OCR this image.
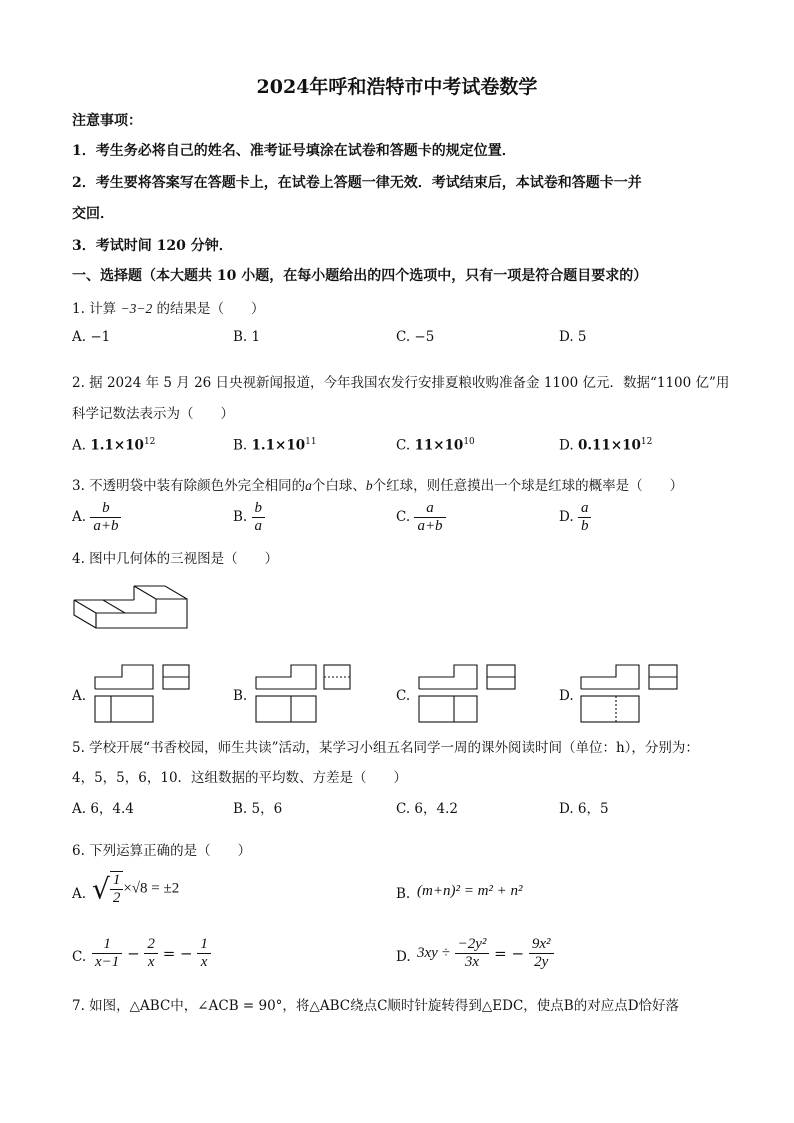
2024年呼和浩特市中考试卷数学
注意事项：
1．考生务必将自己的姓名、准考证号填涂在试卷和答题卡的规定位置．
2．考生要将答案写在答题卡上，在试卷上答题一律无效．考试结束后，本试卷和答题卡一并
交回．
3．考试时间 120 分钟．
一、选择题（本大题共 10 小题，在每小题给出的四个选项中，只有一项是符合题目要求的）
1. 计算 −3−2 的结果是（　　）
A. −1	B. 1	C. −5	D. 5
2. 据 2024 年 5 月 26 日央视新闻报道，今年我国农发行安排夏粮收购准备金 1100 亿元．数据“1100 亿”用
科学记数法表示为（　　）
A. $1.1\times 10^{12}$	B. $1.1\times 10^{11}$	C. $11\times 10^{10}$	D. $0.11\times 10^{12}$
3. 不透明袋中装有除颜色外完全相同的a个白球、b个红球，则任意摸出一个球是红球的概率是（　　）
A. $\frac{b}{a+b}$	B. $\frac{b}{a}$	C. $\frac{a}{a+b}$	D. $\frac{a}{b}$
4. 图中几何体的三视图是（　　）
A.	B.	C.	D.
5. 学校开展“书香校园，师生共读”活动，某学习小组五名同学一周的课外阅读时间（单位：h），分别为：
4，5，5，6，10．这组数据的平均数、方差是（　　）
A. 6，4.4	B. 5，6	C. 6，4.2	D. 6，5
6. 下列运算正确的是（　　）
A. √ $\frac{1}{2} \times√8 = \pm 2$	B. (m+n)² = m² + n²
C. $\frac{1}{x-1} - \frac{2}{x}$ = − $\frac{1}{x}$	D. $3xy \div \frac{\text{−2y²}}{3x}$ = − $\frac{\text{9x²}}{2y}$
7. 如图，△ABC中，∠ACB = 90°，将△ABC绕点C顺时针旋转得到△EDC，使点B的对应点D恰好落
